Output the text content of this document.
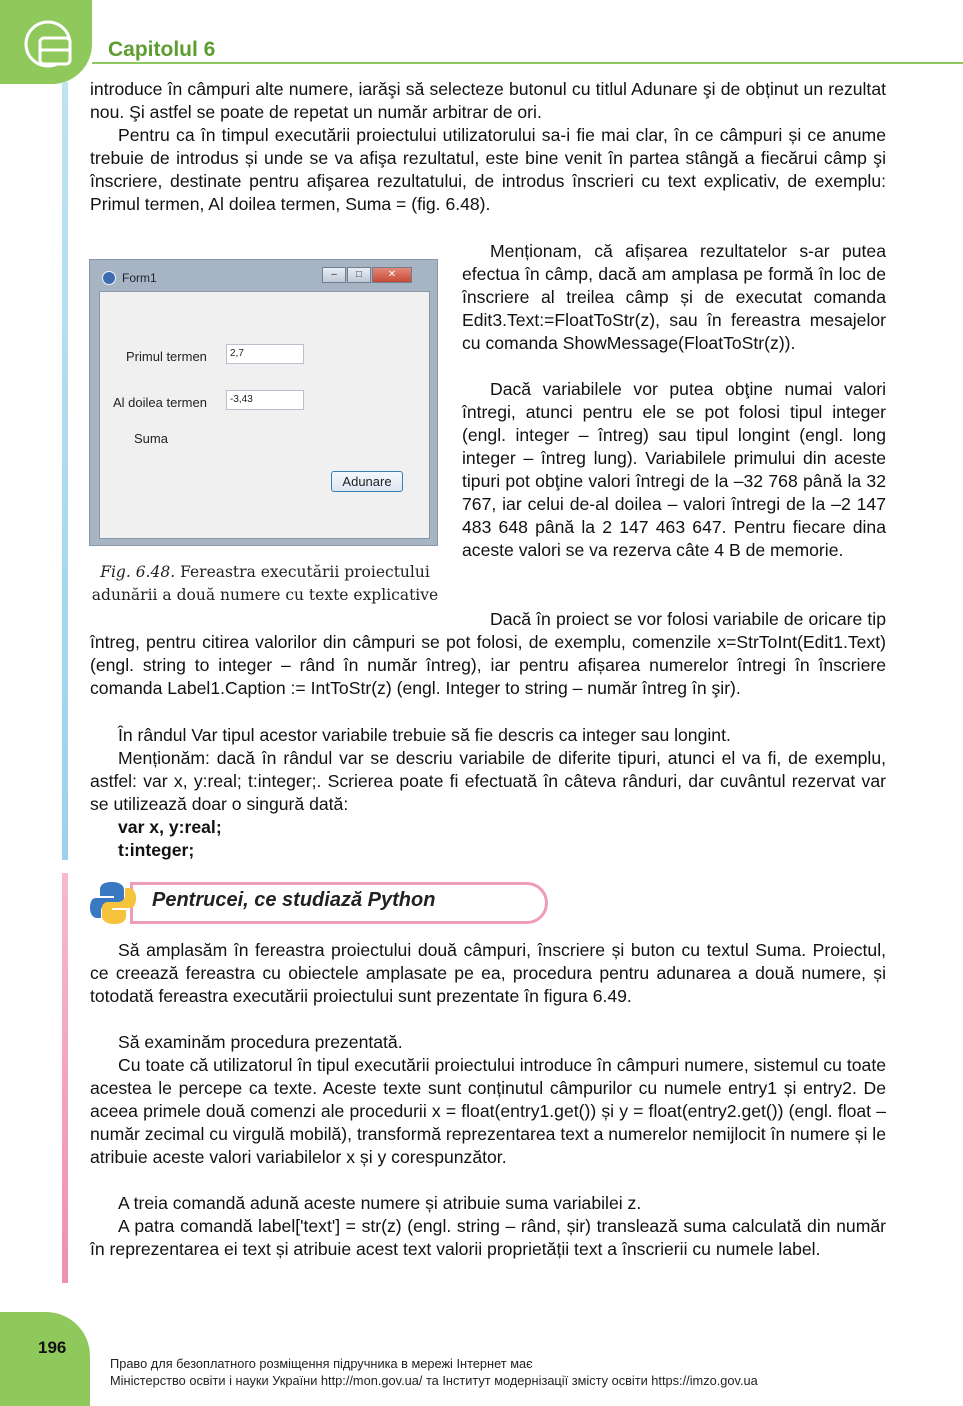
Capitolul 6

introduce în câmpuri alte numere, iarăşi să selecteze butonul cu titlul Adunare şi de obținut un rezultat nou. Şi astfel se poate de repetat un număr arbitrar de ori.

Pentru ca în timpul executării proiectului utilizatorului sa-i fie mai clar, în ce câmpuri și ce anume trebuie de introdus și unde se va afişa rezultatul, este bine venit în partea stângă a fiecărui câmp şi înscriere, destinate pentru afişarea rezultatului, de introdus înscrieri cu text explicativ, de exemplu: Primul termen, Al doilea termen, Suma = (fig. 6.48).

Menționam, că afișarea rezultatelor s-ar putea efectua în câmp, dacă am amplasa pe formă în loc de înscriere al treilea câmp și de executat comanda Edit3.Text:=FloatToStr(z), sau în fereastra mesajelor cu comanda ShowMessage(FloatToStr(z)).

Dacă variabilele vor putea obţine numai valori întregi, atunci pentru ele se pot folosi tipul integer (engl. integer – întreg) sau tipul longint (engl. long integer – întreg lung). Variabilele primului din aceste tipuri pot obţine valori întregi de la –32 768 până la 32 767, iar celui de-al doilea – valori întregi de la –2 147 483 648 până la 2 147 463 647. Pentru fiecare dina aceste valori se va rezerva câte 4 B de memorie.

Form1	–	□	✕
Primul termen	2,7
Al doilea termen	-3,43
Suma
Adunare
Fig. 6.48. Fereastra executării proiectului adunării a două numere cu texte explicative

Dacă în proiect se vor folosi variabile de oricare tip întreg, pentru citirea valorilor din câmpuri se pot folosi, de exemplu, comenzile x=StrToInt(Edit1.Text) (engl. string to integer – rând în număr întreg), iar pentru afișarea numerelor întregi în înscriere comanda Label1.Caption := IntToStr(z) (engl. Integer to string – număr întreg în şir).

În rândul Var tipul acestor variabile trebuie să fie descris ca integer sau longint.

Menționăm: dacă în rândul var se descriu variabile de diferite tipuri, atunci el va fi, de exemplu, astfel: var x, y:real; t:integer;. Scrierea poate fi efectuată în câteva rânduri, dar cuvântul rezervat var se utilizează doar o singură dată:

var x, y:real;
t:integer;
Pentrucei, ce studiază Python

Să amplasăm în fereastra proiectului două câmpuri, înscriere și buton cu textul Suma. Proiectul, ce creează fereastra cu obiectele amplasate pe ea, procedura pentru adunarea a două numere, și totodată fereastra executării proiectului sunt prezentate în figura 6.49.

Să examinăm procedura prezentată.

Cu toate că utilizatorul în tipul executării proiectului introduce în câmpuri numere, sistemul cu toate acestea le percepe ca texte. Aceste texte sunt conținutul câmpurilor cu numele entry1 și entry2. De aceea primele două comenzi ale procedurii x = float(entry1.get()) și y = float(entry2.get()) (engl. float – număr zecimal cu virgulă mobilă), transformă reprezentarea text a numerelor nemijlocit în numere și le atribuie aceste valori variabilelor x și y corespunzător.

A treia comandă adună aceste numere și atribuie suma variabilei z.

A patra comandă label['text'] = str(z) (engl. string – rând, șir) translează suma calculată din număr în reprezentarea ei text și atribuie acest text valorii proprietății text a înscrierii cu numele label.

196
Право для безоплатного розміщення підручника в мережі Інтернет має
Міністерство освіти і науки України http://mon.gov.ua/ та Інститут модернізації змісту освіти https://imzo.gov.ua
